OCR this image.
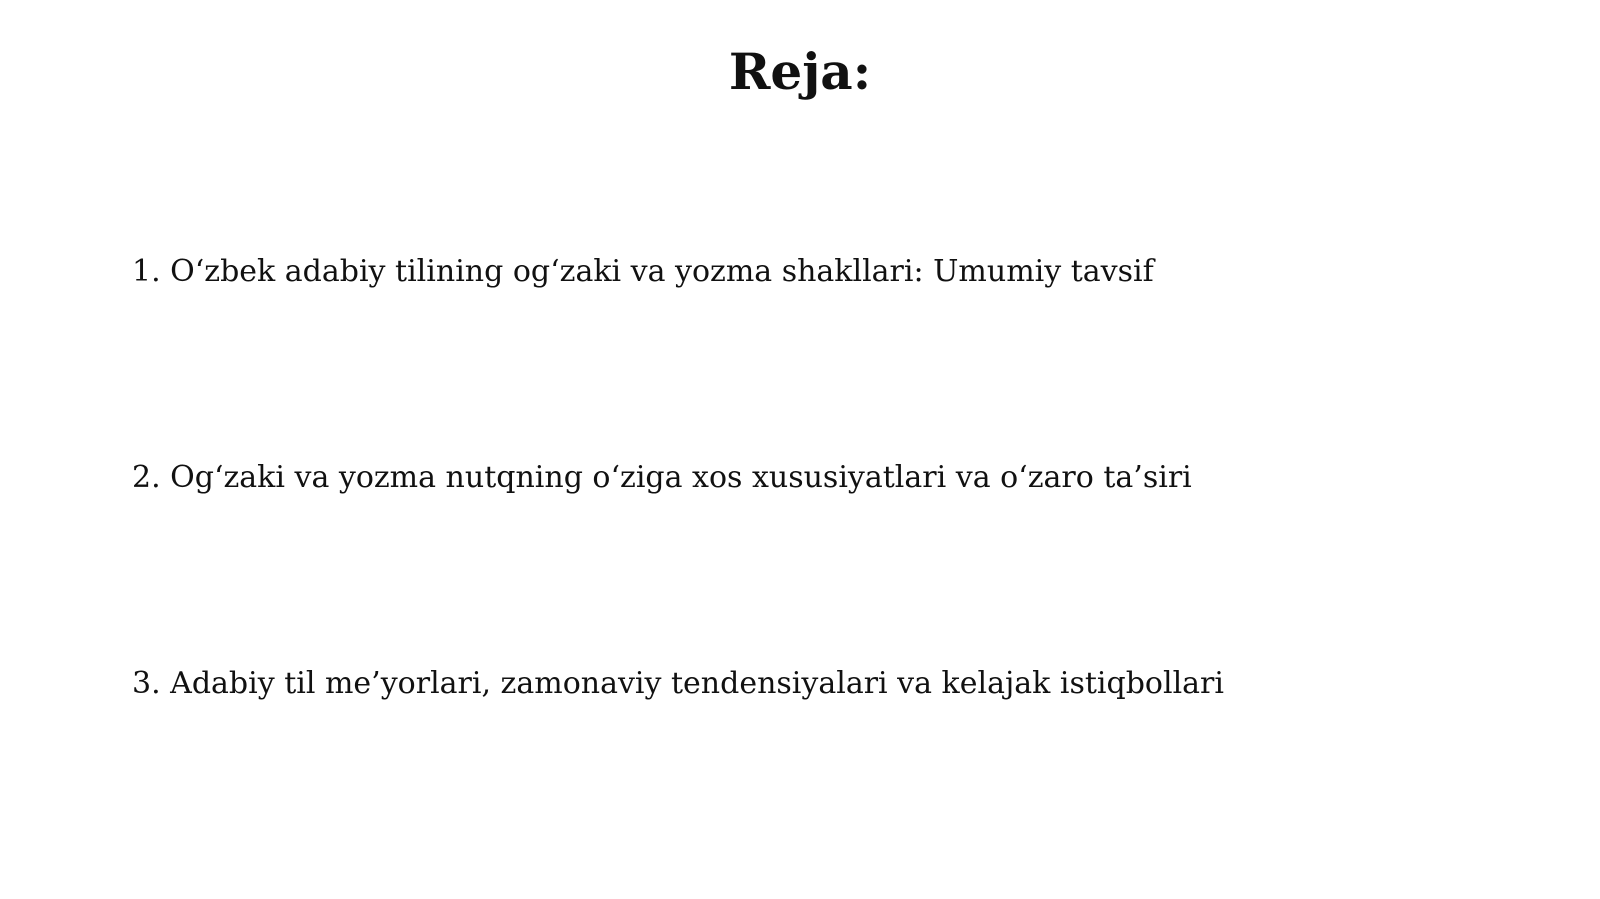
Reja:
1. O‘zbek adabiy tilining og‘zaki va yozma shakllari: Umumiy tavsif
2. Og‘zaki va yozma nutqning o‘ziga xos xususiyatlari va o‘zaro ta’siri
3. Adabiy til me’yorlari, zamonaviy tendensiyalari va kelajak istiqbollari
